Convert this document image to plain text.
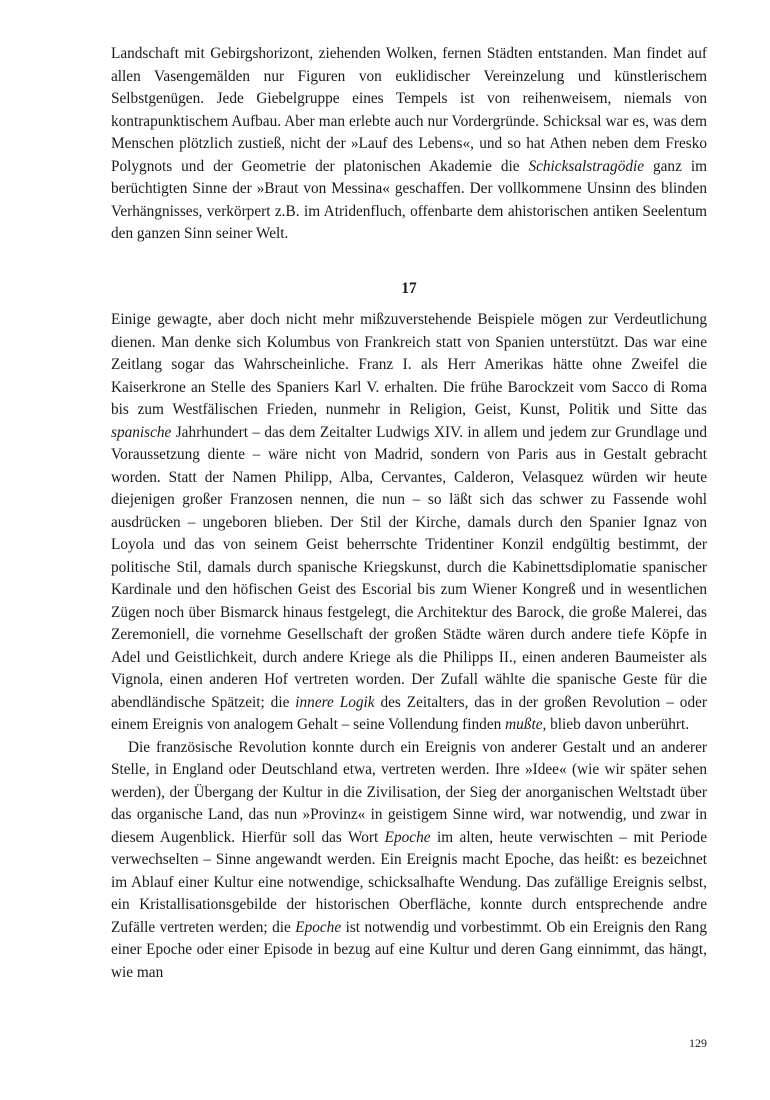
Landschaft mit Gebirgshorizont, ziehenden Wolken, fernen Städten entstanden. Man findet auf allen Vasengemälden nur Figuren von euklidischer Vereinzelung und künstlerischem Selbstgenügen. Jede Giebelgruppe eines Tempels ist von reihenweisem, niemals von kontrapunktischem Aufbau. Aber man erlebte auch nur Vordergründe. Schicksal war es, was dem Menschen plötzlich zustieß, nicht der »Lauf des Lebens«, und so hat Athen neben dem Fresko Polygnots und der Geometrie der platonischen Akademie die Schicksalstragödie ganz im berüchtigten Sinne der »Braut von Messina« geschaffen. Der vollkommene Unsinn des blinden Verhängnisses, verkörpert z.B. im Atridenfluch, offenbarte dem ahistorischen antiken Seelentum den ganzen Sinn seiner Welt.

17

Einige gewagte, aber doch nicht mehr mißzuverstehende Beispiele mögen zur Verdeutlichung dienen. Man denke sich Kolumbus von Frankreich statt von Spanien unterstützt. Das war eine Zeitlang sogar das Wahrscheinliche. Franz I. als Herr Amerikas hätte ohne Zweifel die Kaiserkrone an Stelle des Spaniers Karl V. erhalten. Die frühe Barockzeit vom Sacco di Roma bis zum Westfälischen Frieden, nunmehr in Religion, Geist, Kunst, Politik und Sitte das spanische Jahrhundert – das dem Zeitalter Ludwigs XIV. in allem und jedem zur Grundlage und Voraussetzung diente – wäre nicht von Madrid, sondern von Paris aus in Gestalt gebracht worden. Statt der Namen Philipp, Alba, Cervantes, Calderon, Velasquez würden wir heute diejenigen großer Franzosen nennen, die nun – so läßt sich das schwer zu Fassende wohl ausdrücken – ungeboren blieben. Der Stil der Kirche, damals durch den Spanier Ignaz von Loyola und das von seinem Geist beherrschte Tridentiner Konzil endgültig bestimmt, der politische Stil, damals durch spanische Kriegskunst, durch die Kabinettsdiplomatie spanischer Kardinale und den höfischen Geist des Escorial bis zum Wiener Kongreß und in wesentlichen Zügen noch über Bismarck hinaus festgelegt, die Architektur des Barock, die große Malerei, das Zeremoniell, die vornehme Gesellschaft der großen Städte wären durch andere tiefe Köpfe in Adel und Geistlichkeit, durch andere Kriege als die Philipps II., einen anderen Baumeister als Vignola, einen anderen Hof vertreten worden. Der Zufall wählte die spanische Geste für die abendländische Spätzeit; die innere Logik des Zeitalters, das in der großen Revolution – oder einem Ereignis von analogem Gehalt – seine Vollendung finden mußte, blieb davon unberührt.

Die französische Revolution konnte durch ein Ereignis von anderer Gestalt und an anderer Stelle, in England oder Deutschland etwa, vertreten werden. Ihre »Idee« (wie wir später sehen werden), der Übergang der Kultur in die Zivilisation, der Sieg der anorganischen Weltstadt über das organische Land, das nun »Provinz« in geistigem Sinne wird, war notwendig, und zwar in diesem Augenblick. Hierfür soll das Wort Epoche im alten, heute verwischten – mit Periode verwechselten – Sinne angewandt werden. Ein Ereignis macht Epoche, das heißt: es bezeichnet im Ablauf einer Kultur eine notwendige, schicksalhafte Wendung. Das zufällige Ereignis selbst, ein Kristallisationsgebilde der historischen Oberfläche, konnte durch entsprechende andre Zufälle vertreten werden; die Epoche ist notwendig und vorbestimmt. Ob ein Ereignis den Rang einer Epoche oder einer Episode in bezug auf eine Kultur und deren Gang einnimmt, das hängt, wie man

129
